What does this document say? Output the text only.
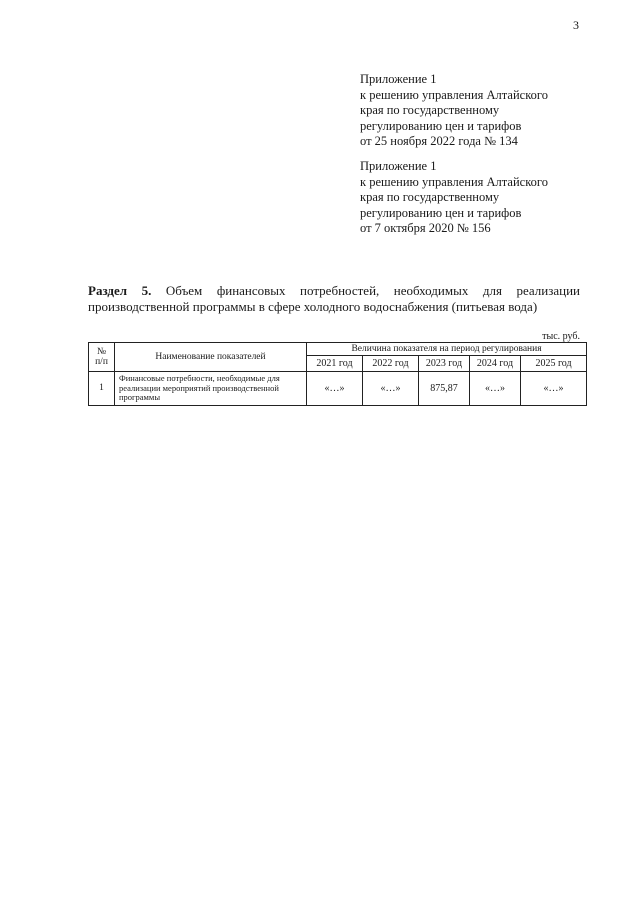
3
Приложение 1
к решению управления Алтайского
края по государственному
регулированию цен и тарифов
от 25 ноября 2022 года № 134
Приложение 1
к решению управления Алтайского
края по государственному
регулированию цен и тарифов
от 7 октября 2020 № 156
Раздел 5. Объем финансовых потребностей, необходимых для реализации производственной программы в сфере холодного водоснабжения (питьевая вода)
тыс. руб.
№ п/п	Наименование показателей	Величина показателя на период регулирования				
		2021 год	2022 год	2023 год	2024 год	2025 год
1	Финансовые потребности, необходимые для реализации мероприятий производственной программы	«…»	«…»	875,87	«…»	«…»
